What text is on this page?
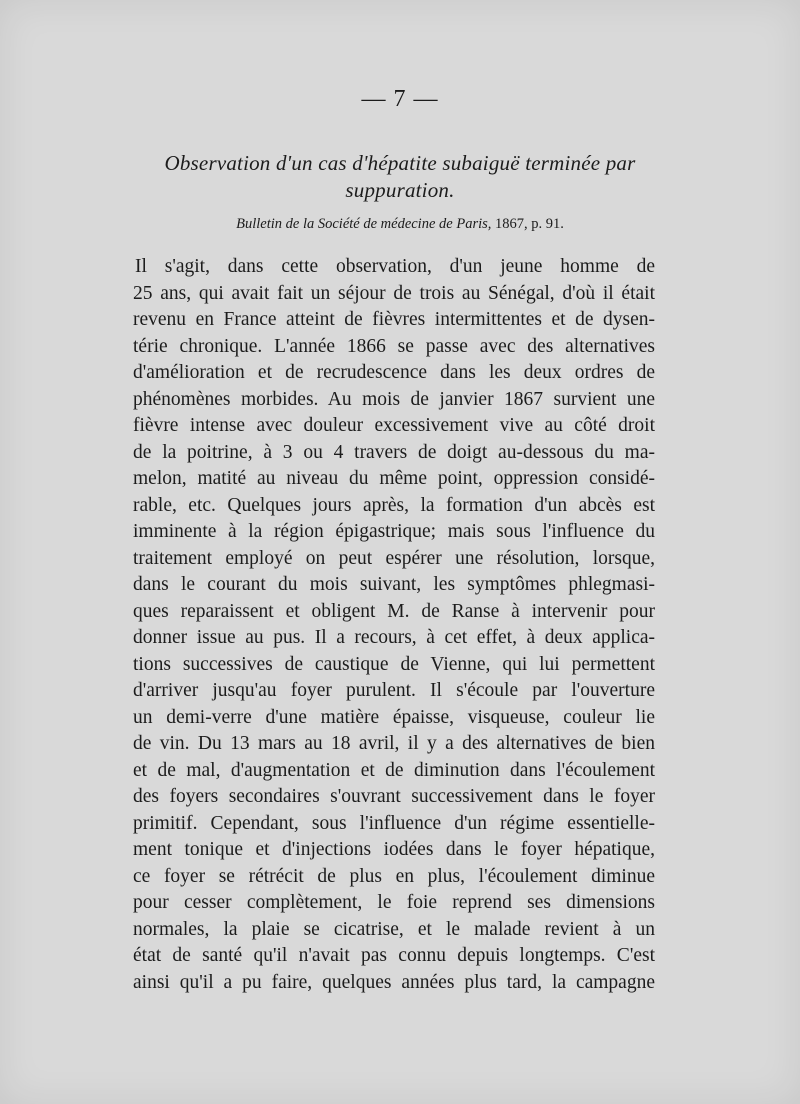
— 7 —
Observation d'un cas d'hépatite subaiguë terminée par
suppuration.
Bulletin de la Société de médecine de Paris, 1867, p. 91.
Il s'agit, dans cette observation, d'un jeune homme de
25 ans, qui avait fait un séjour de trois au Sénégal, d'où il était
revenu en France atteint de fièvres intermittentes et de dysen-
térie chronique. L'année 1866 se passe avec des alternatives
d'amélioration et de recrudescence dans les deux ordres de
phénomènes morbides. Au mois de janvier 1867 survient une
fièvre intense avec douleur excessivement vive au côté droit
de la poitrine, à 3 ou 4 travers de doigt au-dessous du ma-
melon, matité au niveau du même point, oppression considé-
rable, etc. Quelques jours après, la formation d'un abcès est
imminente à la région épigastrique; mais sous l'influence du
traitement employé on peut espérer une résolution, lorsque,
dans le courant du mois suivant, les symptômes phlegmasi-
ques reparaissent et obligent M. de Ranse à intervenir pour
donner issue au pus. Il a recours, à cet effet, à deux applica-
tions successives de caustique de Vienne, qui lui permettent
d'arriver jusqu'au foyer purulent. Il s'écoule par l'ouverture
un demi-verre d'une matière épaisse, visqueuse, couleur lie
de vin. Du 13 mars au 18 avril, il y a des alternatives de bien
et de mal, d'augmentation et de diminution dans l'écoulement
des foyers secondaires s'ouvrant successivement dans le foyer
primitif. Cependant, sous l'influence d'un régime essentielle-
ment tonique et d'injections iodées dans le foyer hépatique,
ce foyer se rétrécit de plus en plus, l'écoulement diminue
pour cesser complètement, le foie reprend ses dimensions
normales, la plaie se cicatrise, et le malade revient à un
état de santé qu'il n'avait pas connu depuis longtemps. C'est
ainsi qu'il a pu faire, quelques années plus tard, la campagne
